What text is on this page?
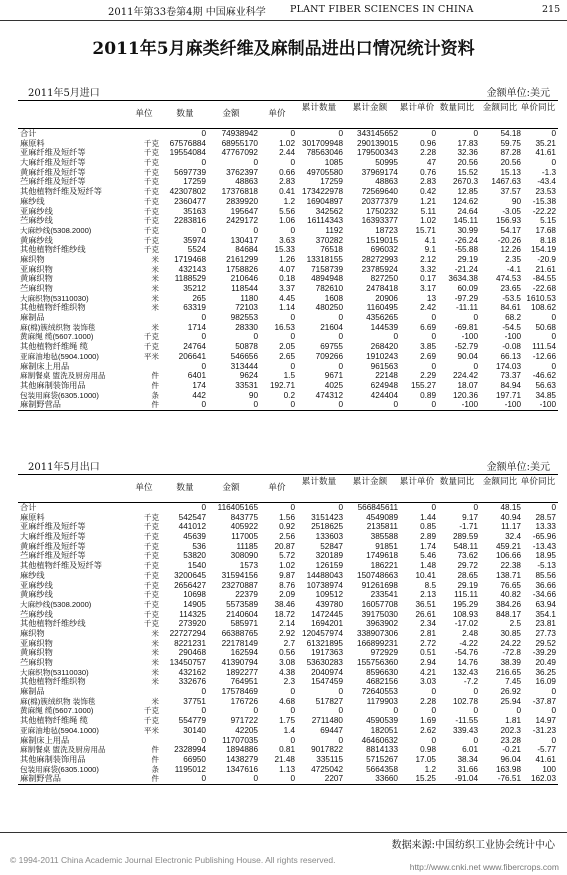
2011年第33卷第4期 中国麻业科学	PLANT FIBER SCIENCES IN CHINA	215
2011年5月麻类纤维及麻制品进出口情况统计资料
2011年5月进口	金额单位:美元
单位	数量	金额	单价
累计数量	累计金额	累计单价 数量同比	金额同比 单价同比
合计	0	74938942	0	0	343145652	0	0	54.18	0
麻原料	千克	67576884	68955170	1.02 301709948	290139015	0.96	17.83	59.75	35.21
亚麻纤维及短纤等	千克	19554084	47767092	2.44	78563046	179500343	2.28	32.36	87.28	41.61
大麻纤维及短纤等	千克	0	0	0	1085	50995	47	20.56	20.56	0
黄麻纤维及短纤等	千克	5697739	3762397	0.66	49705580	37969174	0.76	15.52	15.13	-1.3
苎麻纤维及短纤等	千克	17259	48863	2.83	17259	48863	2.83	2670.3	1467.63	-43.4
其他植物纤维及短纤等	千克	42307802	17376818	0.41 173422978	72569640	0.42	12.85	37.57	23.53
麻纱线	千克	2360477	2839920	1.2	16904897	20377379	1.21	124.62	90	-15.38
亚麻纱线	千克	35163	195647	5.56	342562	1750232	5.11	24.64	-3.05	-22.22
苎麻纱线	千克	2283816	2429172	1.06	16114343	16393377	1.02	145.11	156.93	5.15
大麻纱线(5308.2000)	千克	0	0	0	1192	18723	15.71	30.99	54.17	17.68
黄麻纱线	千克	35974	130417	3.63	370282	1519015	4.1	-26.24	-20.26	8.18
其他植物纤维纱线	千克	5524	84684	15.33	76518	696032	9.1	-55.88	12.26	154.19
麻织物	米	1719468	2161299	1.26	13318155	28272993	2.12	29.19	2.35	-20.9
亚麻织物	米	432143	1758826	4.07	7158739	23785924	3.32	-21.24	-4.1	21.61
黄麻织物	米	1188529	210646	0.18	4894948	827250	0.17	3634.38	474.53	-84.55
苎麻织物	米	35212	118544	3.37	782610	2478418	3.17	60.09	23.65	-22.68
大麻织物(53110030)	米	265	1180	4.45	1608	20906	13	-97.29	-53.5 1610.53
其他植物纤维织物	米	63319	72103	1.14	480250	1160495	2.42	-11.11	84.61	108.62
麻制品	0	982553	0	0	4356265	0	0	68.2	0
麻(棉)簇绒织物 装饰毯	米	1714	28330	16.53	21604	144539	6.69	-69.81	-54.5	50.68
黄麻绳 缆(5607.1000)	千克	0	0	0	0	0	0	-100	-100	0
其他植物纤维绳 缆	千克	24764	50878	2.05	69755	268420	3.85	-52.79	-0.08	111.54
亚麻油地毡(5904.1000)	平米	206641	546656	2.65	709266	1910243	2.69	90.04	66.13	-12.66
麻制床上用品	0	313444	0	0	961563	0	0	174.03	0
麻制餐桌 盥洗及厨房用品	件	6401	9624	1.5	9671	22148	2.29	224.42	73.37	-46.62
其他麻制装饰用品	件	174	33531	192.71	4025	624948	155.27	18.07	84.94	56.63
包装用麻袋(6305.1000)	条	442	90	0.2	474312	424404	0.89	120.36	197.71	34.85
麻制野营品	件	0	0	0	0	0	0	-100	-100	-100
2011年5月出口	金额单位:美元
单位	数量	金额	单价
累计数量	累计金额	累计单价 数量同比	金额同比 单价同比
合计	0	116405165	0	0	566845611	0	0	48.15	0
麻原料	千克	542547	843775	1.56	3151423	4549089	1.44	9.17	40.94	28.57
亚麻纤维及短纤等	千克	441012	405922	0.92	2518625	2135811	0.85	-1.71	11.17	13.33
大麻纤维及短纤等	千克	45639	117005	2.56	133603	385588	2.89	289.59	32.4	-65.96
黄麻纤维及短纤等	千克	536	11185	20.87	52847	91851	1.74	548.11	459.21	-13.43
苎麻纤维及短纤等	千克	53820	308090	5.72	320189	1749618	5.46	73.62	106.66	18.95
其他植物纤维及短纤等	千克	1540	1573	1.02	126159	186221	1.48	29.72	22.38	-5.13
麻纱线	千克	3200645	31594156	9.87	14488043	150748663	10.41	28.65	138.71	85.56
亚麻纱线	千克	2656427	23270887	8.76	10738974	91261698	8.5	29.19	76.65	36.66
黄麻纱线	千克	10698	22379	2.09	109512	233541	2.13	115.11	40.82	-34.66
大麻纱线(5308.2000)	千克	14905	5573589	38.46	439780	16057708	36.51	195.29	384.26	63.94
苎麻纱线	千克	114325	2140604	18.72	1472445	39175030	26.61	108.93	848.17	354.1
其他植物纤维纱线	千克	273920	585971	2.14	1694201	3963902	2.34	-17.02	2.5	23.81
麻织物	米	22727294	66388765	2.92 120457974	338907306	2.81	2.48	30.85	27.73
亚麻织物	米	8221231	22178149	2.7	61321895	166899231	2.72	-4.22	24.22	29.52
黄麻织物	米	290468	162594	0.56	1917363	972929	0.51	-54.76	-72.8	-39.29
苎麻织物	米	13450757	41390794	3.08	53630283	155756360	2.94	14.76	38.39	20.49
大麻织物(53110030)	米	432162	1892277	4.38	2040974	8596630	4.21	132.43	216.65	36.25
其他植物纤维织物	米	332676	764951	2.3	1547459	4682156	3.03	-7.2	7.45	16.09
麻制品	0	17578469	0	0	72640553	0	0	26.92	0
麻(棉)簇绒织物 装饰毯	米	37751	176726	4.68	517827	1179903	2.28	102.78	25.94	-37.87
黄麻绳 缆(5607.1000)	千克	0	0	0	0	0	0	0	0	0
其他植物纤维绳 缆	千克	554779	971722	1.75	2711480	4590539	1.69	-11.55	1.81	14.97
亚麻油地毡(5904.1000)	平米	30140	42205	1.4	69447	182051	2.62	339.43	202.3	-31.23
麻制床上用品	0	11707035	0	0	46460632	0	0	23.28	0
麻制餐桌 盥洗及厨房用品	件	2328994	1894886	0.81	9017822	8814133	0.98	6.01	-0.21	-5.77
其他麻制装饰用品	件	66950	1438279	21.48	335115	5715267	17.05	38.34	96.04	41.61
包装用麻袋(6305.1000)	条	1195012	1347616	1.13	4725042	5664358	1.2	31.66	163.98	100
麻制野营品	件	0	0	0	2207	33660	15.25	-91.04	-76.51	162.03
数据来源:中国纺织工业协会统计中心
© 1994-2011 China Academic Journal Electronic Publishing House. All rights reserved.
http://www.cnki.net www.fibercrops.com
